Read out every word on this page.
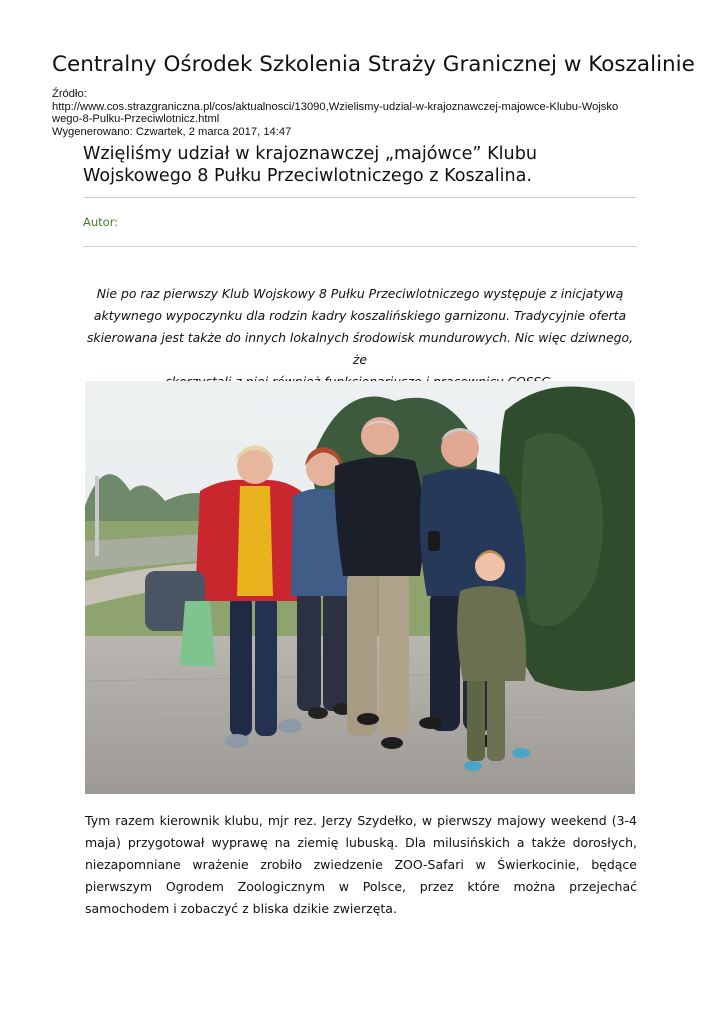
Centralny Ośrodek Szkolenia Straży Granicznej w Koszalinie
Źródło:
http://www.cos.strazgraniczna.pl/cos/aktualnosci/13090,Wzielismy-udzial-w-krajoznawczej-majowce-Klubu-Wojsko
wego-8-Pulku-Przeciwlotnicz.html
Wygenerowano: Czwartek, 2 marca 2017, 14:47
Wzięliśmy udział w krajoznawczej „majówce” Klubu
Wojskowego 8 Pułku Przeciwlotniczego z Koszalina.
Autor:
Nie po raz pierwszy Klub Wojskowy 8 Pułku Przeciwlotniczego występuje z inicjatywą
aktywnego wypoczynku dla rodzin kadry koszalińskiego garnizonu. Tradycyjnie oferta
skierowana jest także do innych lokalnych środowisk mundurowych. Nic więc dziwnego, że
Tym razem kierownik klubu, mjr rez. Jerzy Szydełko, w pierwszy majowy weekend (3-4 maja) przygotował wyprawę na ziemię lubuską. Dla milusińskich a także dorosłych, niezapomniane wrażenie zrobiło zwiedzenie ZOO-Safari w Świerkocinie, będące pierwszym Ogrodem Zoologicznym w Polsce, przez które można przejechać samochodem i zobaczyć z bliska dzikie zwierzęta.
